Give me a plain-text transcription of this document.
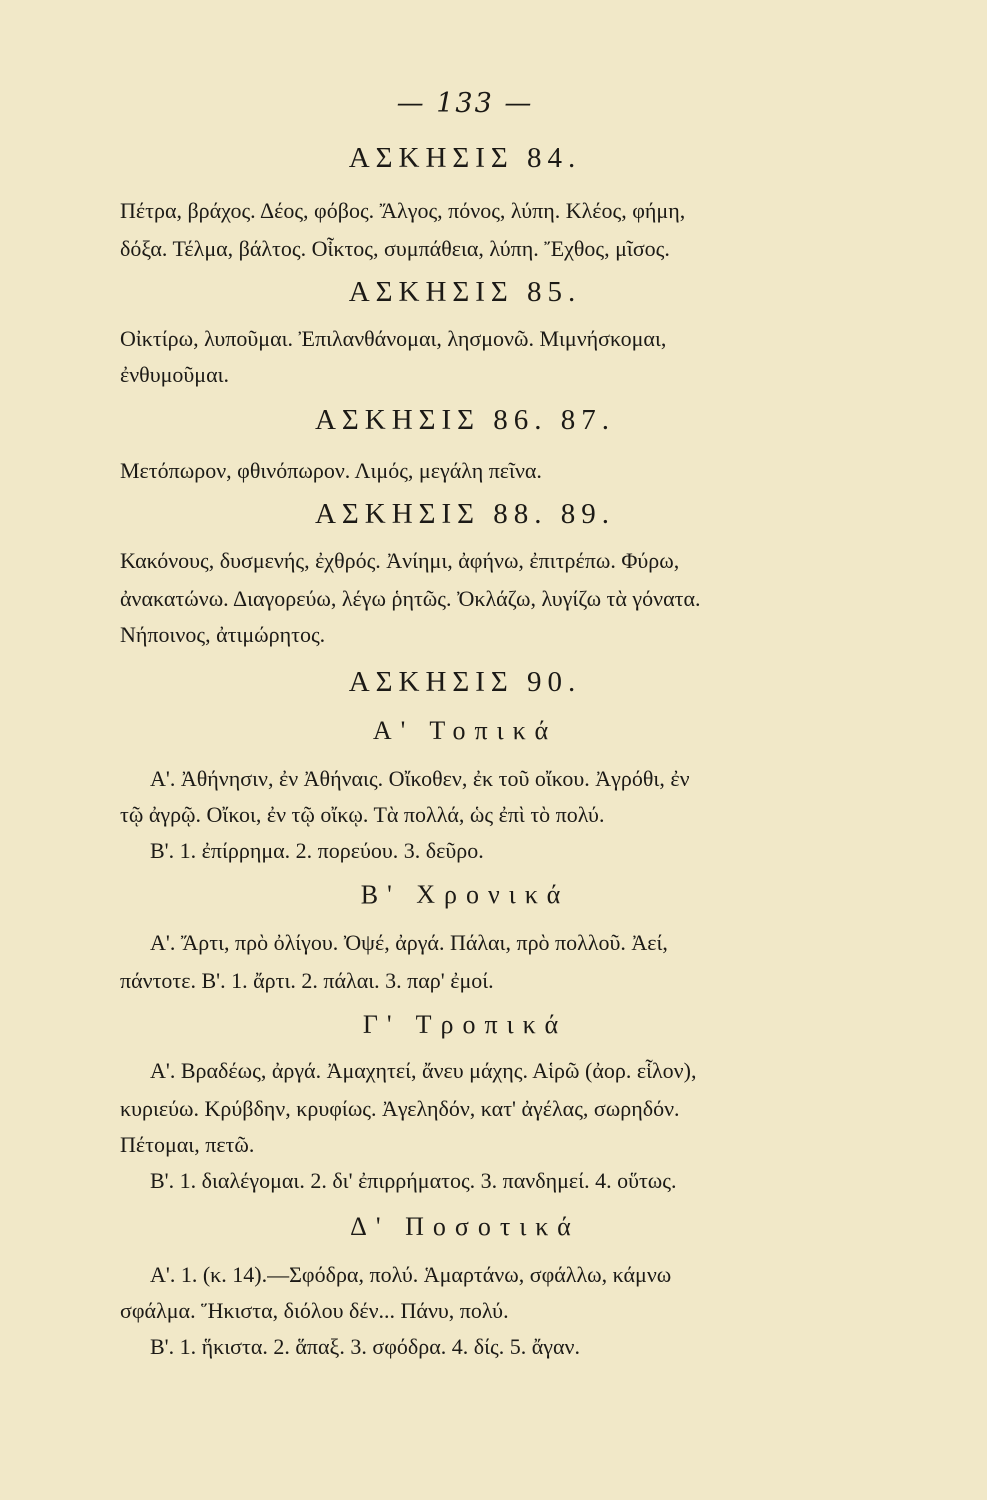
— 133 —
ΑΣΚΗΣΙΣ 84.
Πέτρα, βράχος. Δέος, φόβος. Ἄλγος, πόνος, λύπη. Κλέος, φήμη,
δόξα. Τέλμα, βάλτος. Οἶκτος, συμπάθεια, λύπη. Ἔχθος, μῖσος.
ΑΣΚΗΣΙΣ 85.
Οἰκτίρω, λυποῦμαι. Ἐπιλανθάνομαι, λησμονῶ. Μιμνήσκομαι,
ἐνθυμοῦμαι.
ΑΣΚΗΣΙΣ 86. 87.
Μετόπωρον, φθινόπωρον. Λιμός, μεγάλη πεῖνα.
ΑΣΚΗΣΙΣ 88. 89.
Κακόνους, δυσμενής, ἐχθρός. Ἀνίημι, ἀφήνω, ἐπιτρέπω. Φύρω,
ἀνακατώνω. Διαγορεύω, λέγω ῥητῶς. Ὀκλάζω, λυγίζω τὰ γόνατα.
Νήποινος, ἀτιμώρητος.
ΑΣΚΗΣΙΣ 90.
Α' Τοπικά
Α'. Ἀθήνησιν, ἐν Ἀθήναις. Οἴκοθεν, ἐκ τοῦ οἴκου. Ἀγρόθι, ἐν
τῷ ἀγρῷ. Οἴκοι, ἐν τῷ οἴκῳ. Τὰ πολλά, ὡς ἐπὶ τὸ πολύ.
Β'. 1. ἐπίρρημα. 2. πορεύου. 3. δεῦρο.
Β' Χρονικά
Α'. Ἄρτι, πρὸ ὀλίγου. Ὀψέ, ἀργά. Πάλαι, πρὸ πολλοῦ. Ἀεί,
πάντοτε. Β'. 1. ἄρτι. 2. πάλαι. 3. παρ' ἐμοί.
Γ' Τροπικά
Α'. Βραδέως, ἀργά. Ἀμαχητεί, ἄνευ μάχης. Αἱρῶ (ἀορ. εἷλον),
κυριεύω. Κρύβδην, κρυφίως. Ἀγεληδόν, κατ' ἀγέλας, σωρηδόν.
Πέτομαι, πετῶ.
Β'. 1. διαλέγομαι. 2. δι' ἐπιρρήματος. 3. πανδημεί. 4. οὕτως.
Δ' Ποσοτικά
Α'. 1. (κ. 14).—Σφόδρα, πολύ. Ἁμαρτάνω, σφάλλω, κάμνω
σφάλμα. Ἥκιστα, διόλου δέν... Πάνυ, πολύ.
Β'. 1. ἥκιστα. 2. ἅπαξ. 3. σφόδρα. 4. δίς. 5. ἄγαν.
